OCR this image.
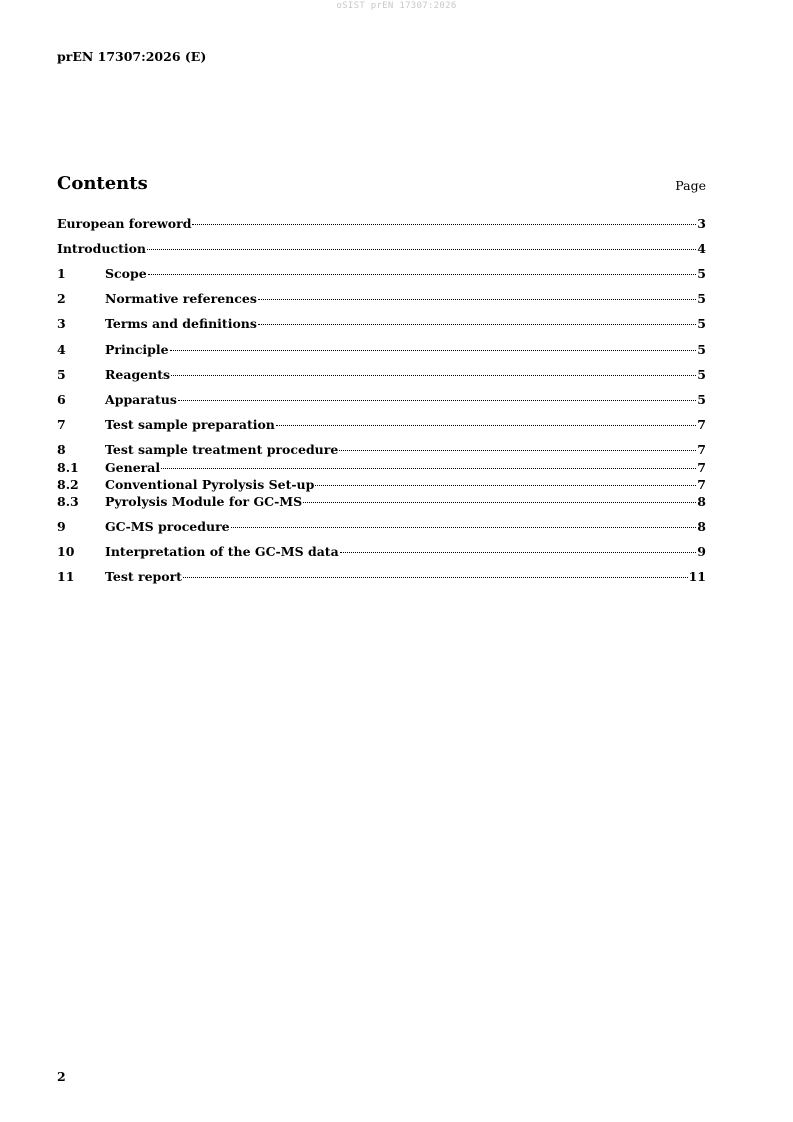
oSIST prEN 17307:2026
prEN 17307:2026 (E)
Contents	Page
European foreword	3
Introduction	4
1	Scope	5
2	Normative references	5
3	Terms and definitions	5
4	Principle	5
5	Reagents	5
6	Apparatus	5
7	Test sample preparation	7
8	Test sample treatment procedure	7
8.1	General	7
8.2	Conventional Pyrolysis Set-up	7
8.3	Pyrolysis Module for GC-MS	8
9	GC-MS procedure	8
10	Interpretation of the GC-MS data	9
11	Test report	11
2
